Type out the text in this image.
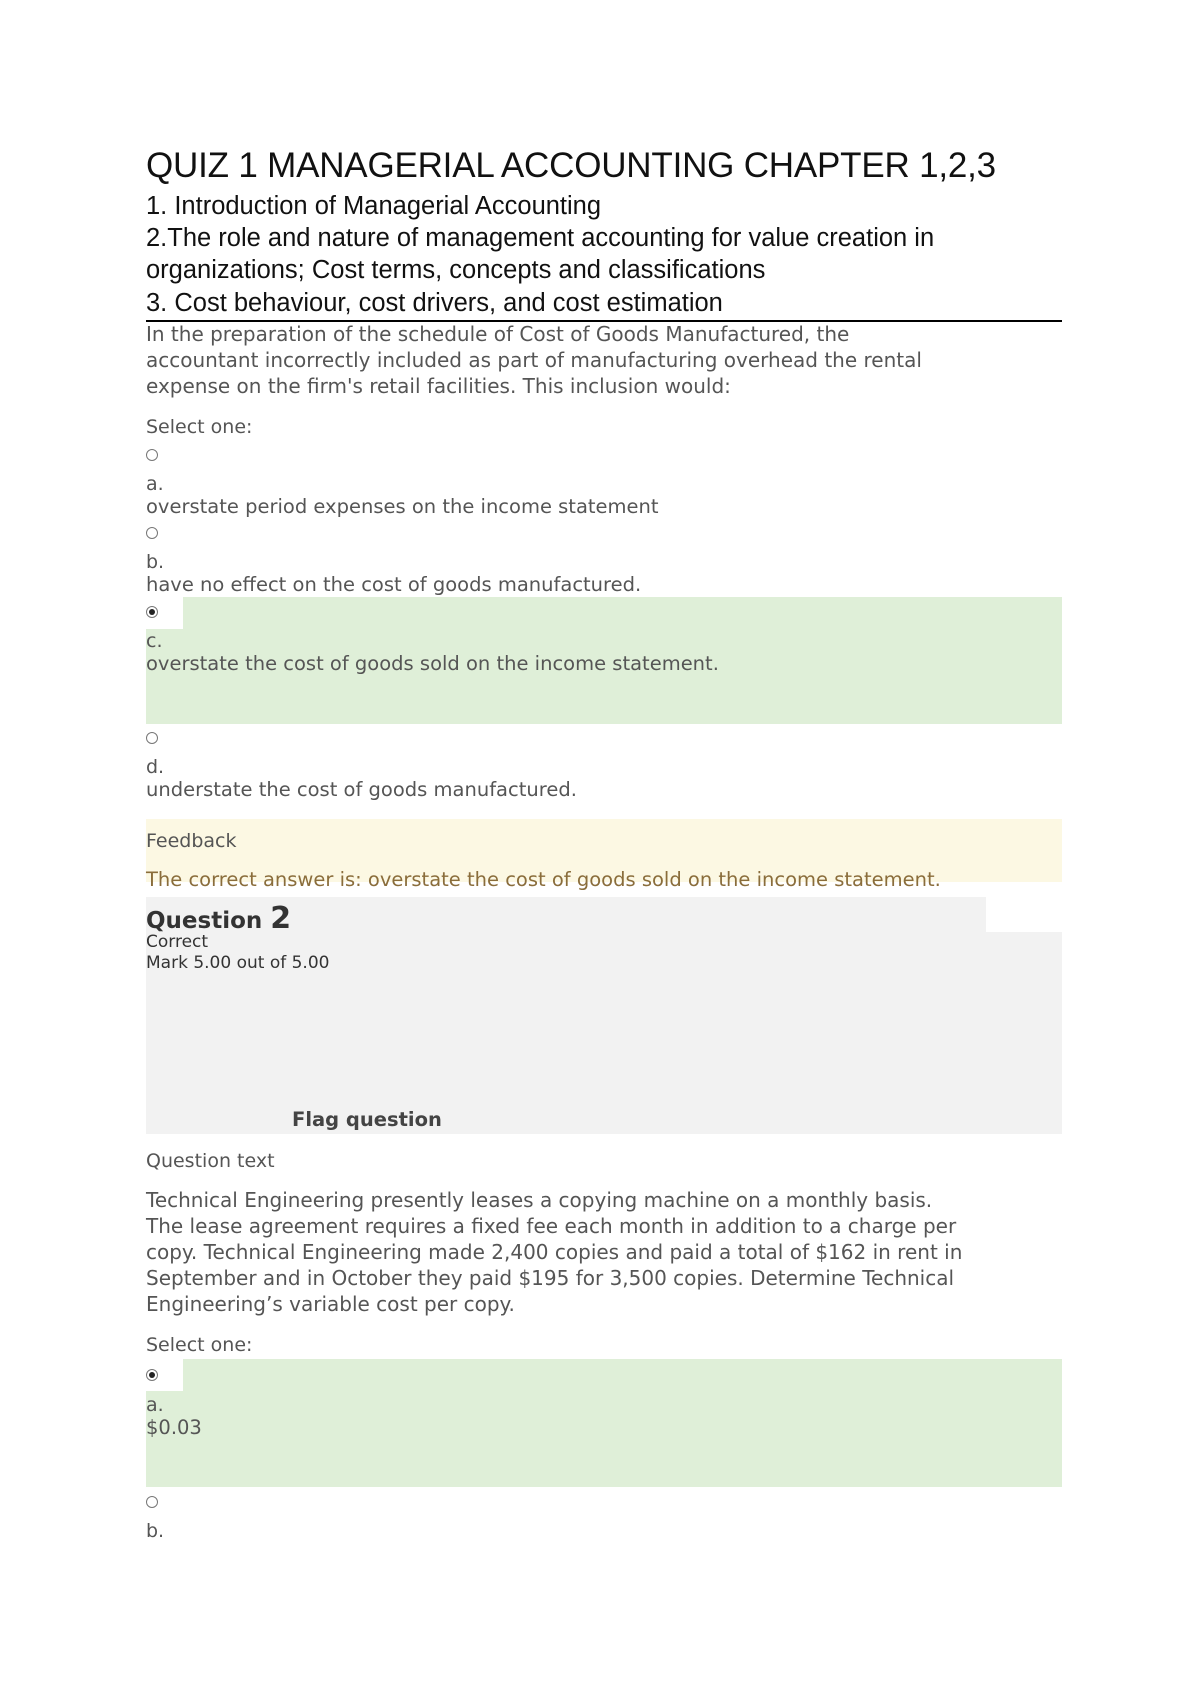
QUIZ 1 MANAGERIAL ACCOUNTING CHAPTER 1,2,3
1. Introduction of Managerial Accounting
2.The role and nature of management accounting for value creation in
organizations; Cost terms, concepts and classifications
3. Cost behaviour, cost drivers, and cost estimation
In the preparation of the schedule of Cost of Goods Manufactured, the
accountant incorrectly included as part of manufacturing overhead the rental
expense on the firm's retail facilities. This inclusion would:
Select one:
a.
overstate period expenses on the income statement
b.
have no effect on the cost of goods manufactured.
c.
overstate the cost of goods sold on the income statement.
d.
understate the cost of goods manufactured.
Feedback
The correct answer is: overstate the cost of goods sold on the income statement.
Question 2
Correct
Mark 5.00 out of 5.00
Flag question
Question text
Technical Engineering presently leases a copying machine on a monthly basis.
The lease agreement requires a fixed fee each month in addition to a charge per
copy. Technical Engineering made 2,400 copies and paid a total of $162 in rent in
September and in October they paid $195 for 3,500 copies. Determine Technical
Engineering’s variable cost per copy.
Select one:
a.
$0.03
b.
